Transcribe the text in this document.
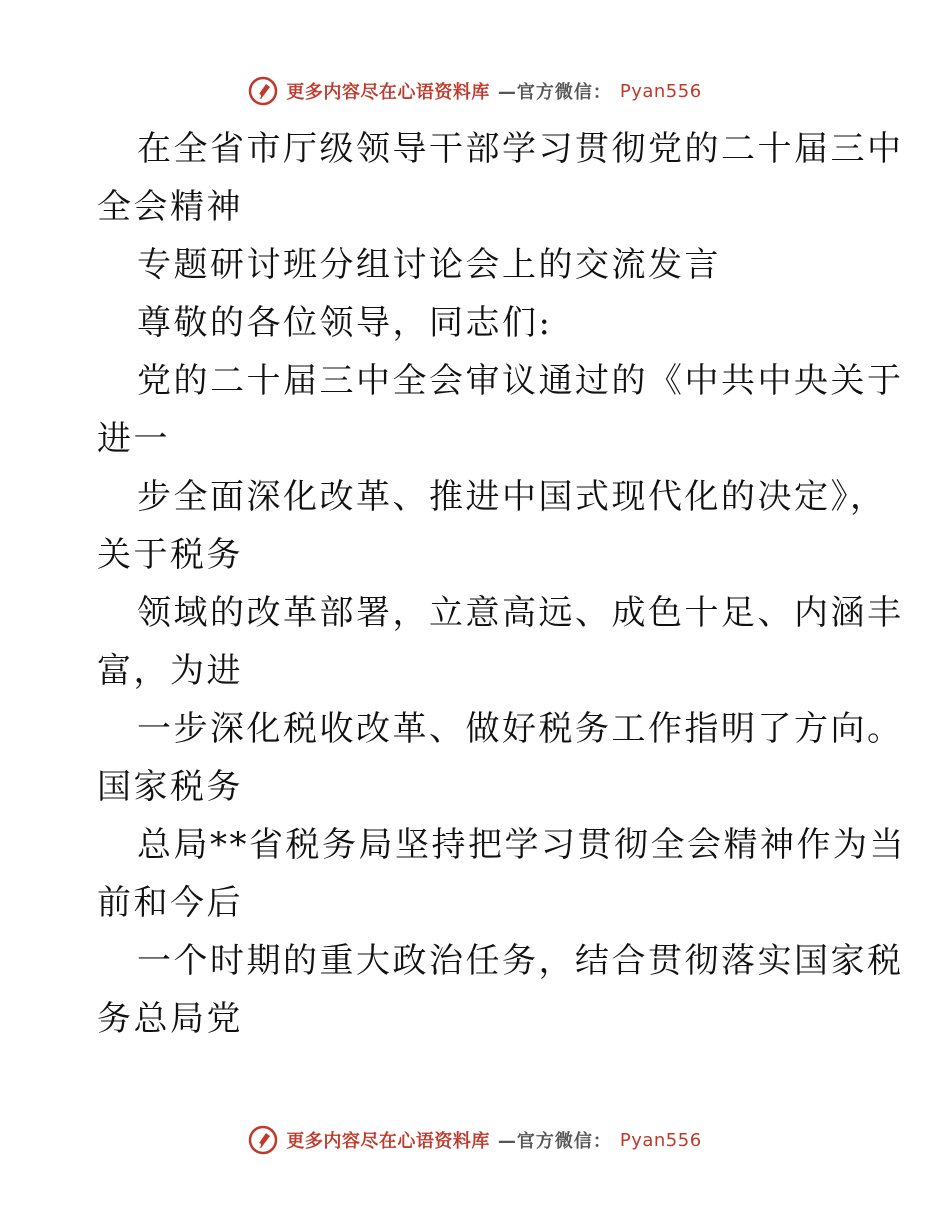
更多内容尽在心语资料库 —官方微信： Pyan556
在全省市厅级领导干部学习贯彻党的二十届三中
全会精神
专题研讨班分组讨论会上的交流发言
尊敬的各位领导，同志们:
党的二十届三中全会审议通过的《中共中央关于
进一
步全面深化改革、推进中国式现代化的决定》，
关于税务
领域的改革部署，立意高远、成色十足、内涵丰
富，为进
一步深化税收改革、做好税务工作指明了方向。
国家税务
总局**省税务局坚持把学习贯彻全会精神作为当
前和今后
一个时期的重大政治任务，结合贯彻落实国家税
务总局党
更多内容尽在心语资料库 —官方微信： Pyan556
